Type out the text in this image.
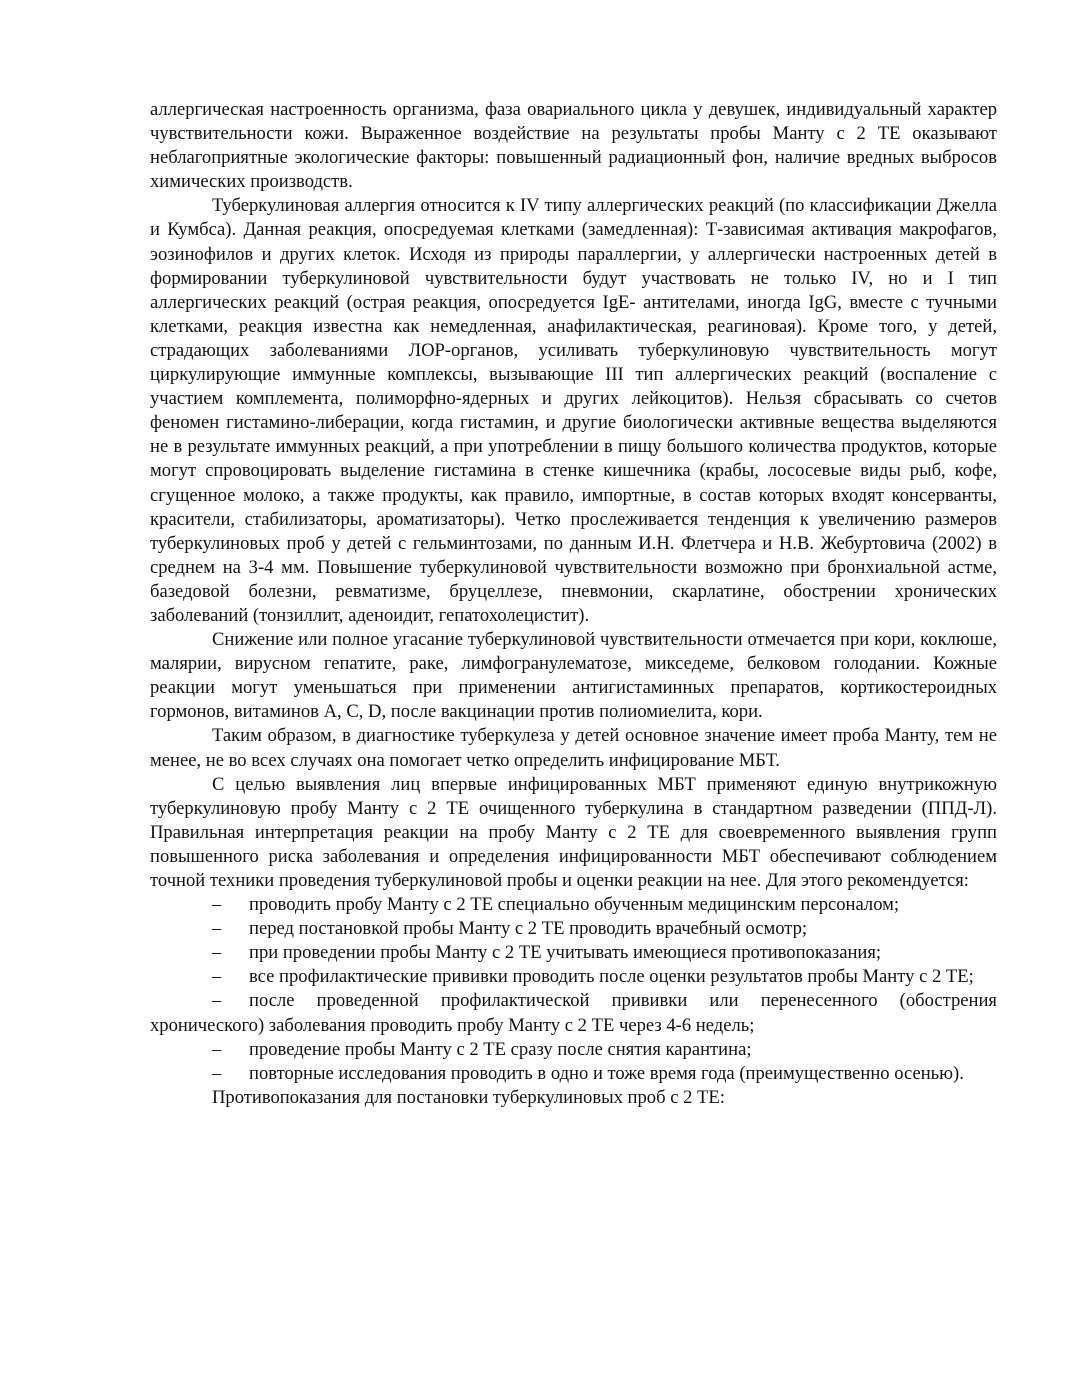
аллергическая настроенность организма, фаза овариального цикла у девушек, индивидуальный характер чувствительности кожи. Выраженное воздействие на результаты пробы Манту с 2 ТЕ оказывают неблагоприятные экологические факторы: повышенный радиационный фон, наличие вредных выбросов химических производств.

Туберкулиновая аллергия относится к IV типу аллергических реакций (по классификации Джелла и Кумбса). Данная реакция, опосредуемая клетками (замедленная): Т-зависимая активация макрофагов, эозинофилов и других клеток. Исходя из природы параллергии, у аллергически настроенных детей в формировании туберкулиновой чувствительности будут участвовать не только IV, но и I тип аллергических реакций (острая реакция, опосредуется IgE- антителами, иногда IgG, вместе с тучными клетками, реакция известна как немедленная, анафилактическая, реагиновая). Кроме того, у детей, страдающих заболеваниями ЛОР-органов, усиливать туберкулиновую чувствительность могут циркулирующие иммунные комплексы, вызывающие III тип аллергических реакций (воспаление с участием комплемента, полиморфно-ядерных и других лейкоцитов). Нельзя сбрасывать со счетов феномен гистамино-либерации, когда гистамин, и другие биологически активные вещества выделяются не в результате иммунных реакций, а при употреблении в пищу большого количества продуктов, которые могут спровоцировать выделение гистамина в стенке кишечника (крабы, лососевые виды рыб, кофе, сгущенное молоко, а также продукты, как правило, импортные, в состав которых входят консерванты, красители, стабилизаторы, ароматизаторы). Четко прослеживается тенденция к увеличению размеров туберкулиновых проб у детей с гельминтозами, по данным И.Н. Флетчера и Н.В. Жебуртовича (2002) в среднем на 3-4 мм. Повышение туберкулиновой чувствительности возможно при бронхиальной астме, базедовой болезни, ревматизме, бруцеллезе, пневмонии, скарлатине, обострении хронических заболеваний (тонзиллит, аденоидит, гепатохолецистит).

Снижение или полное угасание туберкулиновой чувствительности отмечается при кори, коклюше, малярии, вирусном гепатите, раке, лимфогранулематозе, микседеме, белковом голодании. Кожные реакции могут уменьшаться при применении антигистаминных препаратов, кортикостероидных гормонов, витаминов А, С, D, после вакцинации против полиомиелита, кори.

Таким образом, в диагностике туберкулеза у детей основное значение имеет проба Манту, тем не менее, не во всех случаях она помогает четко определить инфицирование МБТ.

С целью выявления лиц впервые инфицированных МБТ применяют единую внутрикожную туберкулиновую пробу Манту с 2 ТЕ очищенного туберкулина в стандартном разведении (ППД-Л). Правильная интерпретация реакции на пробу Манту с 2 ТЕ для своевременного выявления групп повышенного риска заболевания и определения инфицированности МБТ обеспечивают соблюдением точной техники проведения туберкулиновой пробы и оценки реакции на нее. Для этого рекомендуется:

– проводить пробу Манту с 2 ТЕ специально обученным медицинским персоналом;

– перед постановкой пробы Манту с 2 ТЕ проводить врачебный осмотр;

– при проведении пробы Манту с 2 ТЕ учитывать имеющиеся противопоказания;

– все профилактические прививки проводить после оценки результатов пробы Манту с 2 ТЕ;

– после проведенной профилактической прививки или перенесенного (обострения хронического) заболевания проводить пробу Манту с 2 ТЕ через 4-6 недель;

– проведение пробы Манту с 2 ТЕ сразу после снятия карантина;

– повторные исследования проводить в одно и тоже время года (преимущественно осенью).

Противопоказания для постановки туберкулиновых проб с 2 ТЕ:
